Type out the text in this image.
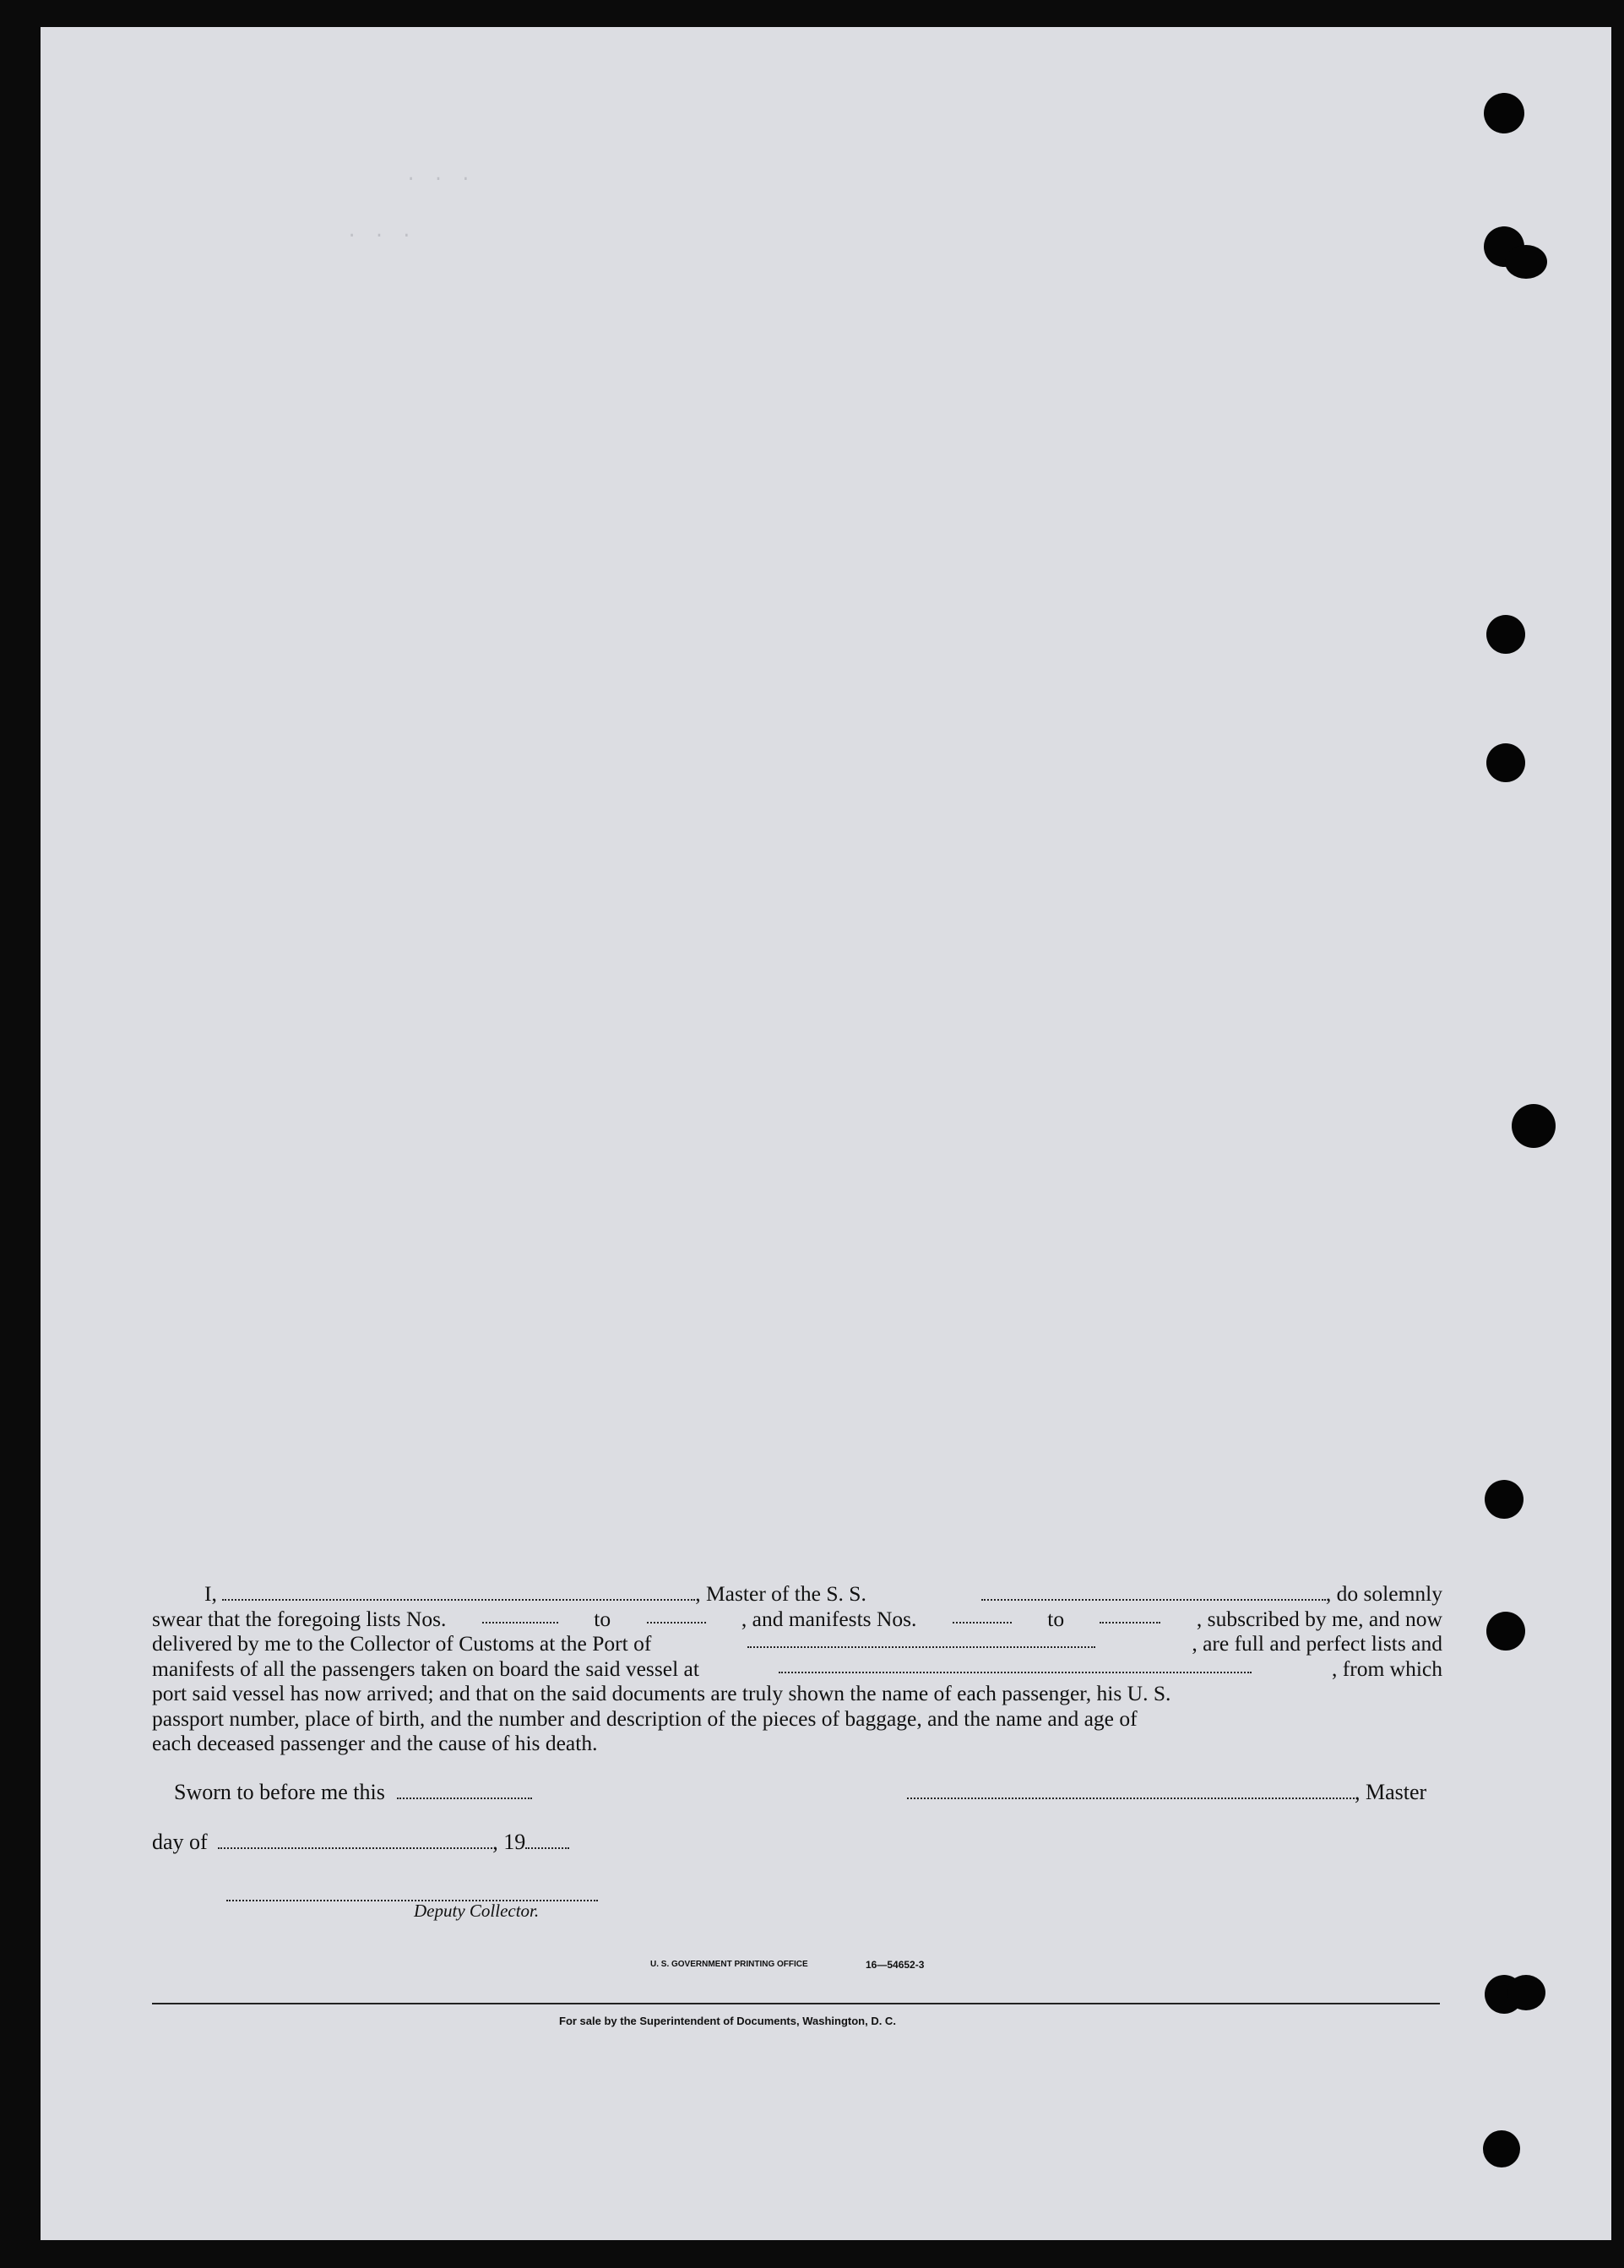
. . .
. . .
I,	, Master of the S. S.	, do solemnly
swear that the foregoing lists Nos.	to	, and manifests Nos.	to	, subscribed by me, and now
delivered by me to the Collector of Customs at the Port of	, are full and perfect lists and
manifests of all the passengers taken on board the said vessel at	, from which
port said vessel has now arrived; and that on the said documents are truly shown the name of each passenger, his U. S.
passport number, place of birth, and the number and description of the pieces of baggage, and the name and age of
each deceased passenger and the cause of his death.
Sworn to before me this	, Master
day of	, 19
Deputy Collector.
U. S. GOVERNMENT PRINTING OFFICE	16—54652-3
For sale by the Superintendent of Documents, Washington, D. C.
